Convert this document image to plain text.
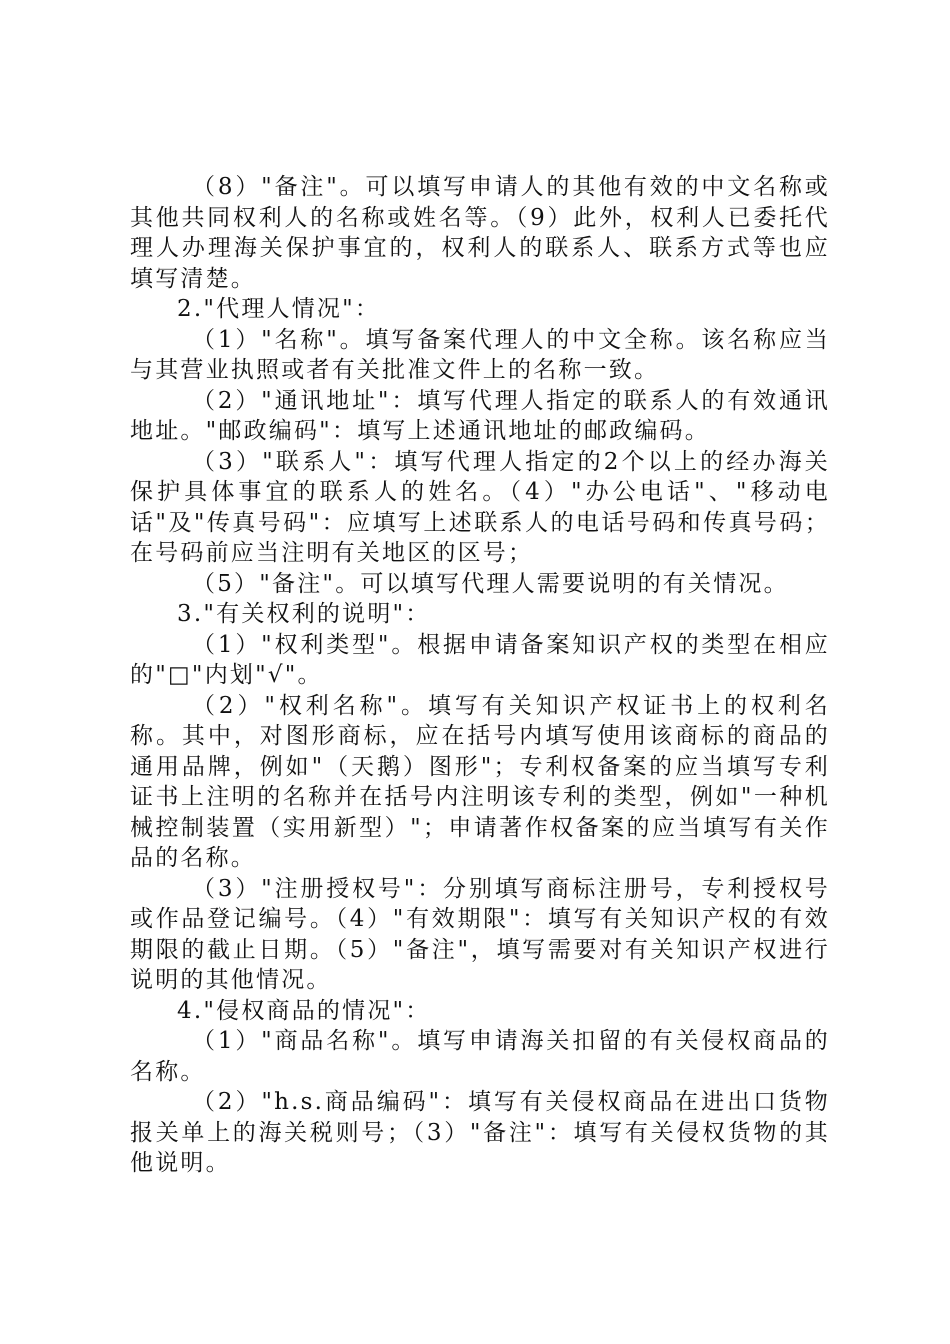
（8）"备注"。可以填写申请人的其他有效的中文名称或其他共同权利人的名称或姓名等。（9）此外，权利人已委托代理人办理海关保护事宜的，权利人的联系人、联系方式等也应填写清楚。

2."代理人情况"：

（1）"名称"。填写备案代理人的中文全称。该名称应当与其营业执照或者有关批准文件上的名称一致。

（2）"通讯地址"：填写代理人指定的联系人的有效通讯地址。"邮政编码"：填写上述通讯地址的邮政编码。

（3）"联系人"：填写代理人指定的2个以上的经办海关保护具体事宜的联系人的姓名。（4）"办公电话"、"移动电话"及"传真号码"：应填写上述联系人的电话号码和传真号码；在号码前应当注明有关地区的区号；

（5）"备注"。可以填写代理人需要说明的有关情况。

3."有关权利的说明"：

（1）"权利类型"。根据申请备案知识产权的类型在相应的"□"内划"√"。

（2）"权利名称"。填写有关知识产权证书上的权利名称。其中，对图形商标，应在括号内填写使用该商标的商品的通用品牌，例如"（天鹅）图形"；专利权备案的应当填写专利证书上注明的名称并在括号内注明该专利的类型，例如"一种机械控制装置（实用新型）"；申请著作权备案的应当填写有关作品的名称。

（3）"注册授权号"：分别填写商标注册号，专利授权号或作品登记编号。（4）"有效期限"：填写有关知识产权的有效期限的截止日期。（5）"备注"，填写需要对有关知识产权进行说明的其他情况。

4."侵权商品的情况"：

（1）"商品名称"。填写申请海关扣留的有关侵权商品的名称。

（2）"h.s.商品编码"：填写有关侵权商品在进出口货物报关单上的海关税则号；（3）"备注"：填写有关侵权货物的其他说明。
